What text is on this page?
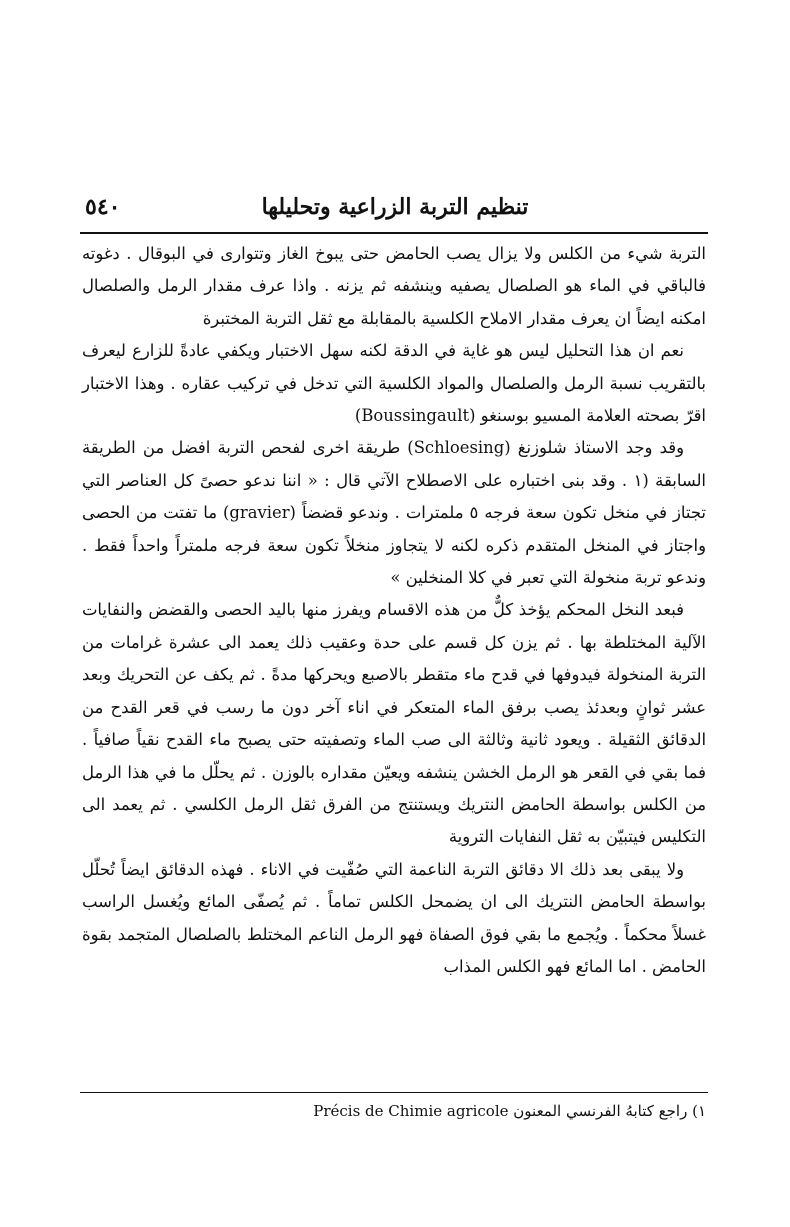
تنظيم التربة الزراعية وتحليلها
٥٤٠

التربة شيء من الكلس ولا يزال يصب الحامض حتى يبوخ الغاز وتتوارى في البوقال . دغوته فالباقي في الماء هو الصلصال يصفيه وينشفه ثم يزنه . واذا عرف مقدار الرمل والصلصال امكنه ايضاً ان يعرف مقدار الاملاح الكلسية بالمقابلة مع ثقل التربة المختبرة

نعم ان هذا التحليل ليس هو غاية في الدقة لكنه سهل الاختبار ويكفي عادةً للزارع ليعرف بالتقريب نسبة الرمل والصلصال والمواد الكلسية التي تدخل في تركيب عقاره . وهذا الاختبار اقرّ بصحته العلامة المسيو بوسنغو (Boussingault)

وقد وجد الاستاذ شلوزنغ (Schloesing) طريقة اخرى لفحص التربة افضل من الطريقة السابقة (١ . وقد بنى اختباره على الاصطلاح الآتي قال : « اننا ندعو حصىً كل العناصر التي تجتاز في منخل تكون سعة فرجه ٥ ملمترات . وندعو قضضاً (gravier) ما تفتت من الحصى واجتاز في المنخل المتقدم ذكره لكنه لا يتجاوز منخلاً تكون سعة فرجه ملمتراً واحداً فقط . وندعو تربة منخولة التي تعبر في كلا المنخلين »

فبعد النخل المحكم يؤخذ كلٌّ من هذه الاقسام ويفرز منها باليد الحصى والقضض والنفايات الآلية المختلطة بها . ثم يزن كل قسم على حدة وعقيب ذلك يعمد الى عشرة غرامات من التربة المنخولة فيدوفها في قدح ماء متقطر بالاصبع ويحركها مدةً . ثم يكف عن التحريك وبعد عشر ثوانٍ وبعدئذ يصب برفق الماء المتعكر في اناء آخر دون ما رسب في قعر القدح من الدقائق الثقيلة . ويعود ثانية وثالثة الى صب الماء وتصفيته حتى يصبح ماء القدح نقياً صافياً . فما بقي في القعر هو الرمل الخشن ينشفه ويعيّن مقداره بالوزن . ثم يحلّل ما في هذا الرمل من الكلس بواسطة الحامض النتريك ويستنتج من الفرق ثقل الرمل الكلسي . ثم يعمد الى التكليس فيتبيّن به ثقل النفايات التروية

ولا يبقى بعد ذلك الا دقائق التربة الناعمة التي صُفّيت في الاناء . فهذه الدقائق ايضاً تُحلّل بواسطة الحامض النتريك الى ان يضمحل الكلس تماماً . ثم يُصفّى المائع ويُغسل الراسب غسلاً محكماً . ويُجمع ما بقي فوق الصفاة فهو الرمل الناعم المختلط بالصلصال المتجمد بقوة الحامض . اما المائع فهو الكلس المذاب

١) راجع كتابهُ الفرنسي المعنون Précis de Chimie agricole
